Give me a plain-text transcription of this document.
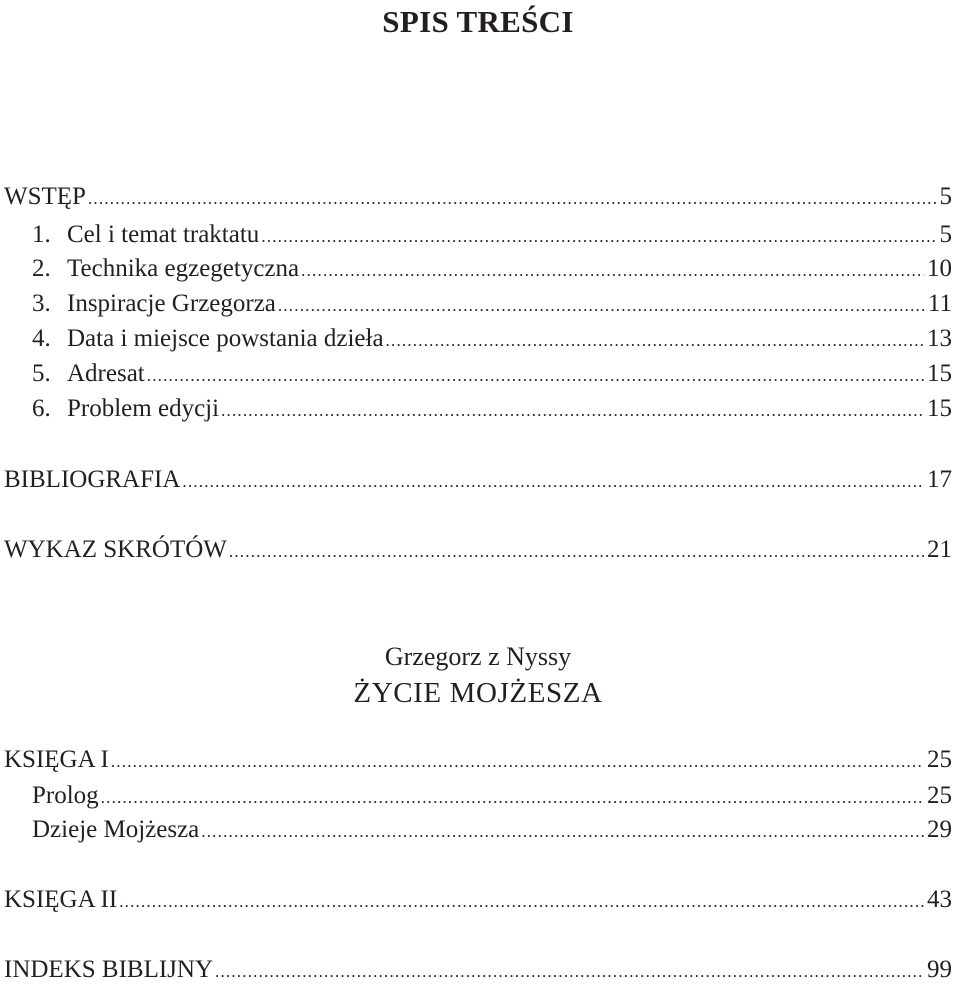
SPIS TREŚCI
WSTĘP .....	5
1. Cel i temat traktatu .....	5
2. Technika egzegetyczna .....	10
3. Inspiracje Grzegorza .....	11
4. Data i miejsce powstania dzieła .....	13
5. Adresat .....	15
6. Problem edycji .....	15
BIBLIOGRAFIA .....	17
WYKAZ SKRÓTÓW .....	21
Grzegorz z Nyssy
ŻYCIE MOJŻESZA
KSIĘGA I .....	25
Prolog .....	25
Dzieje Mojżesza .....	29
KSIĘGA II .....	43
INDEKS BIBLIJNY .....	99
